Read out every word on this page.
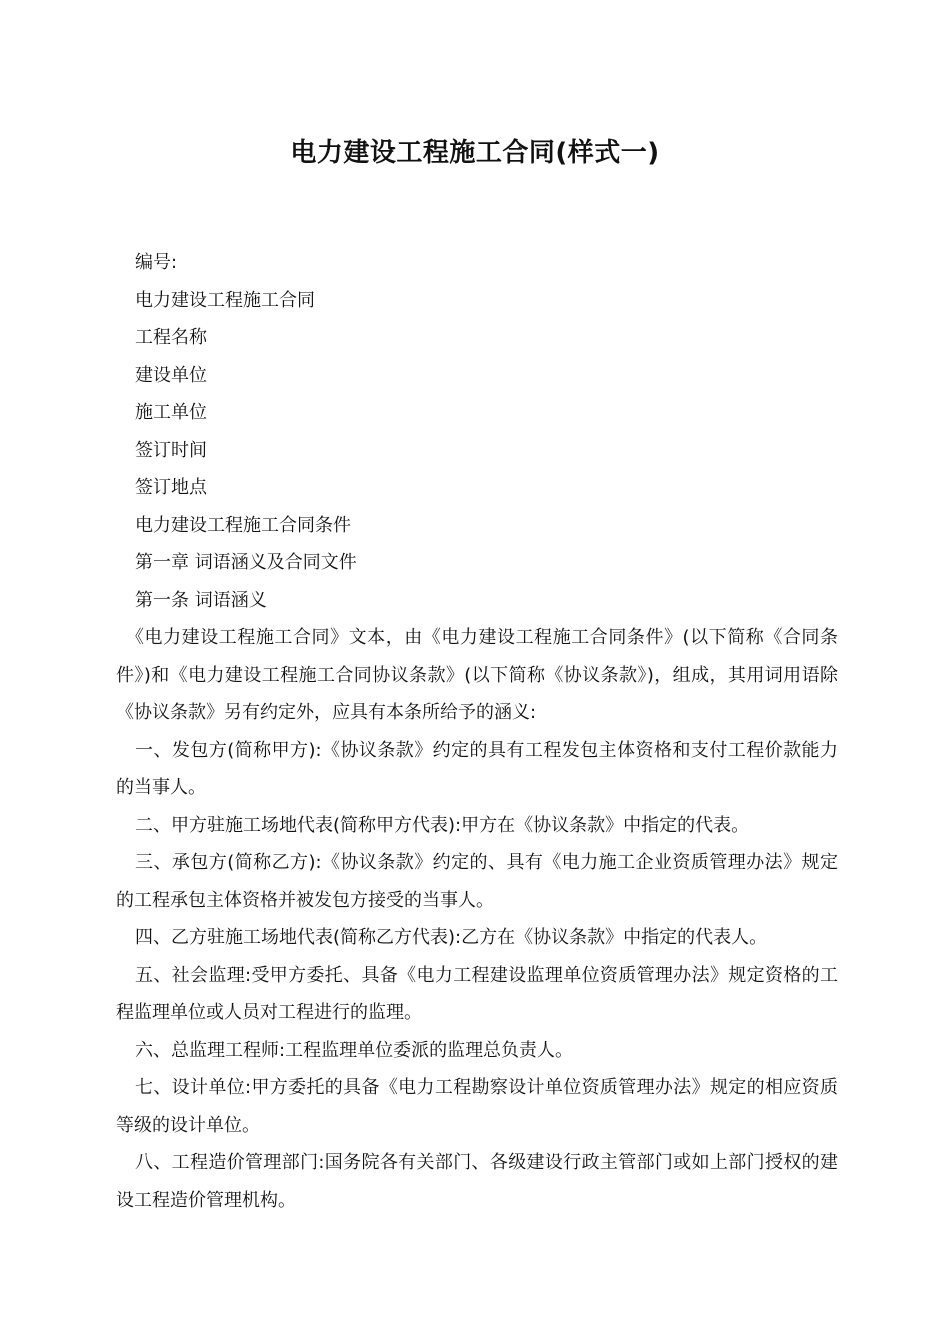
电力建设工程施工合同(样式一)

编号:

电力建设工程施工合同

工程名称

建设单位

施工单位

签订时间

签订地点

电力建设工程施工合同条件

第一章 词语涵义及合同文件

第一条 词语涵义

《电力建设工程施工合同》文本，由《电力建设工程施工合同条件》(以下简称《合同条件》)和《电力建设工程施工合同协议条款》(以下简称《协议条款》)，组成，其用词用语除《协议条款》另有约定外，应具有本条所给予的涵义:

一、发包方(简称甲方):《协议条款》约定的具有工程发包主体资格和支付工程价款能力的当事人。

二、甲方驻施工场地代表(简称甲方代表):甲方在《协议条款》中指定的代表。

三、承包方(简称乙方):《协议条款》约定的、具有《电力施工企业资质管理办法》规定的工程承包主体资格并被发包方接受的当事人。

四、乙方驻施工场地代表(简称乙方代表):乙方在《协议条款》中指定的代表人。

五、社会监理:受甲方委托、具备《电力工程建设监理单位资质管理办法》规定资格的工程监理单位或人员对工程进行的监理。

六、总监理工程师:工程监理单位委派的监理总负责人。

七、设计单位:甲方委托的具备《电力工程勘察设计单位资质管理办法》规定的相应资质等级的设计单位。

八、工程造价管理部门:国务院各有关部门、各级建设行政主管部门或如上部门授权的建设工程造价管理机构。
